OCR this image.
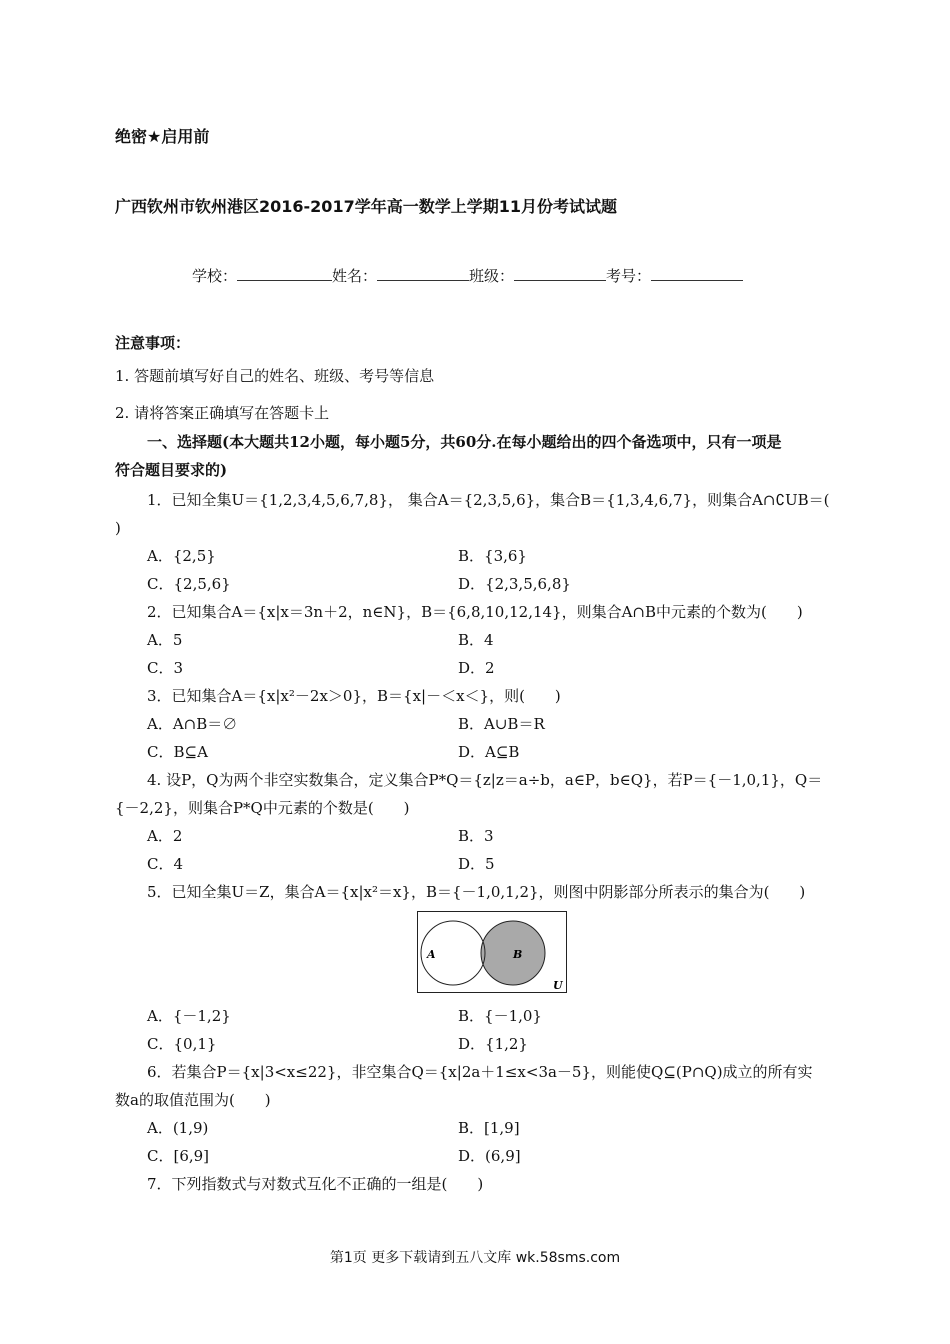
绝密★启用前
广西钦州市钦州港区2016-2017学年高一数学上学期11月份考试试题
学校：	姓名：	班级：	考号：
注意事项：
1. 答题前填写好自己的姓名、班级、考号等信息
2. 请将答案正确填写在答题卡上
一、选择题(本大题共12小题，每小题5分，共60分.在每小题给出的四个备选项中，只有一项是
符合题目要求的)
1．已知全集U＝{1,2,3,4,5,6,7,8}， 集合A＝{2,3,5,6}，集合B＝{1,3,4,6,7}，则集合A∩∁UB＝(
)
A．{2,5}	B．{3,6}
C．{2,5,6}	D．{2,3,5,6,8}
2．已知集合A＝{x|x＝3n＋2，n∈N}，B＝{6,8,10,12,14}，则集合A∩B中元素的个数为(　　)
A．5	B．4
C．3	D．2
3．已知集合A＝{x|x²－2x＞0}，B＝{x|－＜x＜}，则(　　)
A．A∩B＝∅	B．A∪B＝R
C．B⊆A	D．A⊆B
4. 设P，Q为两个非空实数集合，定义集合P*Q＝{z|z＝a÷b，a∈P，b∈Q}，若P＝{－1,0,1}，Q＝
{－2,2}，则集合P*Q中元素的个数是(　　)
A．2	B．3
C．4	D．5
5．已知全集U＝Z，集合A＝{x|x²＝x}，B＝{－1,0,1,2}，则图中阴影部分所表示的集合为(　　)
A	B
U
A．{－1,2}	B．{－1,0}
C．{0,1}	D．{1,2}
6．若集合P＝{x|3<x≤22}，非空集合Q＝{x|2a＋1≤x<3a－5}，则能使Q⊆(P∩Q)成立的所有实
数a的取值范围为(　　)
A．(1,9)	B．[1,9]
C．[6,9]	D．(6,9]
7．下列指数式与对数式互化不正确的一组是(　　)
第1页 更多下载请到五八文库 wk.58sms.com
